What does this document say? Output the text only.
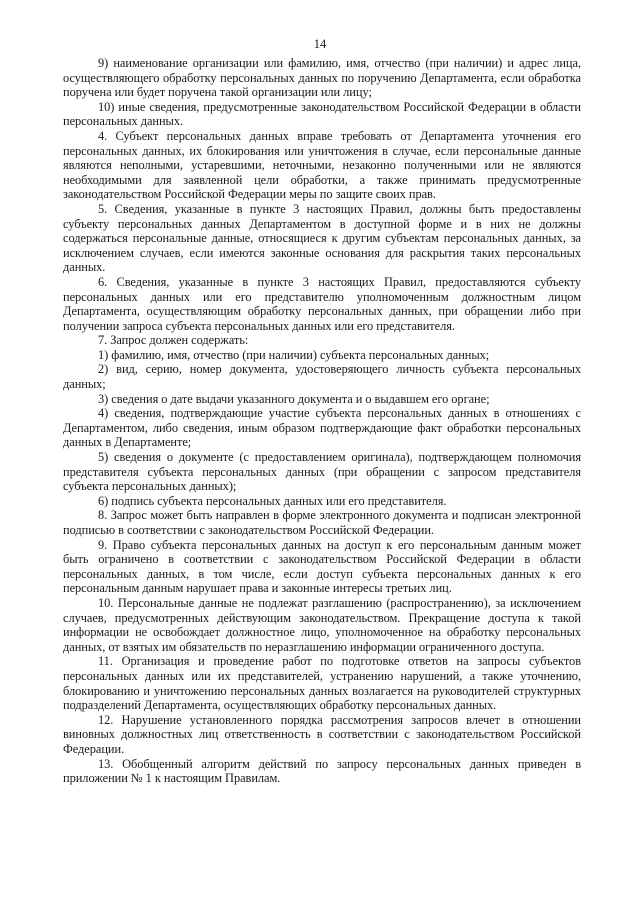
14

9) наименование организации или фамилию, имя, отчество (при наличии) и адрес лица, осуществляющего обработку персональных данных по поручению Департамента, если обработка поручена или будет поручена такой организации или лицу;

10) иные сведения, предусмотренные законодательством Российской Федерации в области персональных данных.

4. Субъект персональных данных вправе требовать от Департамента уточнения его персональных данных, их блокирования или уничтожения в случае, если персональные данные являются неполными, устаревшими, неточными, незаконно полученными или не являются необходимыми для заявленной цели обработки, а также принимать предусмотренные законодательством Российской Федерации меры по защите своих прав.

5. Сведения, указанные в пункте 3 настоящих Правил, должны быть предоставлены субъекту персональных данных Департаментом в доступной форме и в них не должны содержаться персональные данные, относящиеся к другим субъектам персональных данных, за исключением случаев, если имеются законные основания для раскрытия таких персональных данных.

6. Сведения, указанные в пункте 3 настоящих Правил, предоставляются субъекту персональных данных или его представителю уполномоченным должностным лицом Департамента, осуществляющим обработку персональных данных, при обращении либо при получении запроса субъекта персональных данных или его представителя.

7. Запрос должен содержать:

1) фамилию, имя, отчество (при наличии) субъекта персональных данных;

2) вид, серию, номер документа, удостоверяющего личность субъекта персональных данных;

3) сведения о дате выдачи указанного документа и о выдавшем его органе;

4) сведения, подтверждающие участие субъекта персональных данных в отношениях с Департаментом, либо сведения, иным образом подтверждающие факт обработки персональных данных в Департаменте;

5) сведения о документе (с предоставлением оригинала), подтверждающем полномочия представителя субъекта персональных данных (при обращении с запросом представителя субъекта персональных данных);

6) подпись субъекта персональных данных или его представителя.

8. Запрос может быть направлен в форме электронного документа и подписан электронной подписью в соответствии с законодательством Российской Федерации.

9. Право субъекта персональных данных на доступ к его персональным данным может быть ограничено в соответствии с законодательством Российской Федерации в области персональных данных, в том числе, если доступ субъекта персональных данных к его персональным данным нарушает права и законные интересы третьих лиц.

10. Персональные данные не подлежат разглашению (распространению), за исключением случаев, предусмотренных действующим законодательством. Прекращение доступа к такой информации не освобождает должностное лицо, уполномоченное на обработку персональных данных, от взятых им обязательств по неразглашению информации ограниченного доступа.

11. Организация и проведение работ по подготовке ответов на запросы субъектов персональных данных или их представителей, устранению нарушений, а также уточнению, блокированию и уничтожению персональных данных возлагается на руководителей структурных подразделений Департамента, осуществляющих обработку персональных данных.

12. Нарушение установленного порядка рассмотрения запросов влечет в отношении виновных должностных лиц ответственность в соответствии с законодательством Российской Федерации.

13. Обобщенный алгоритм действий по запросу персональных данных приведен в приложении № 1 к настоящим Правилам.
